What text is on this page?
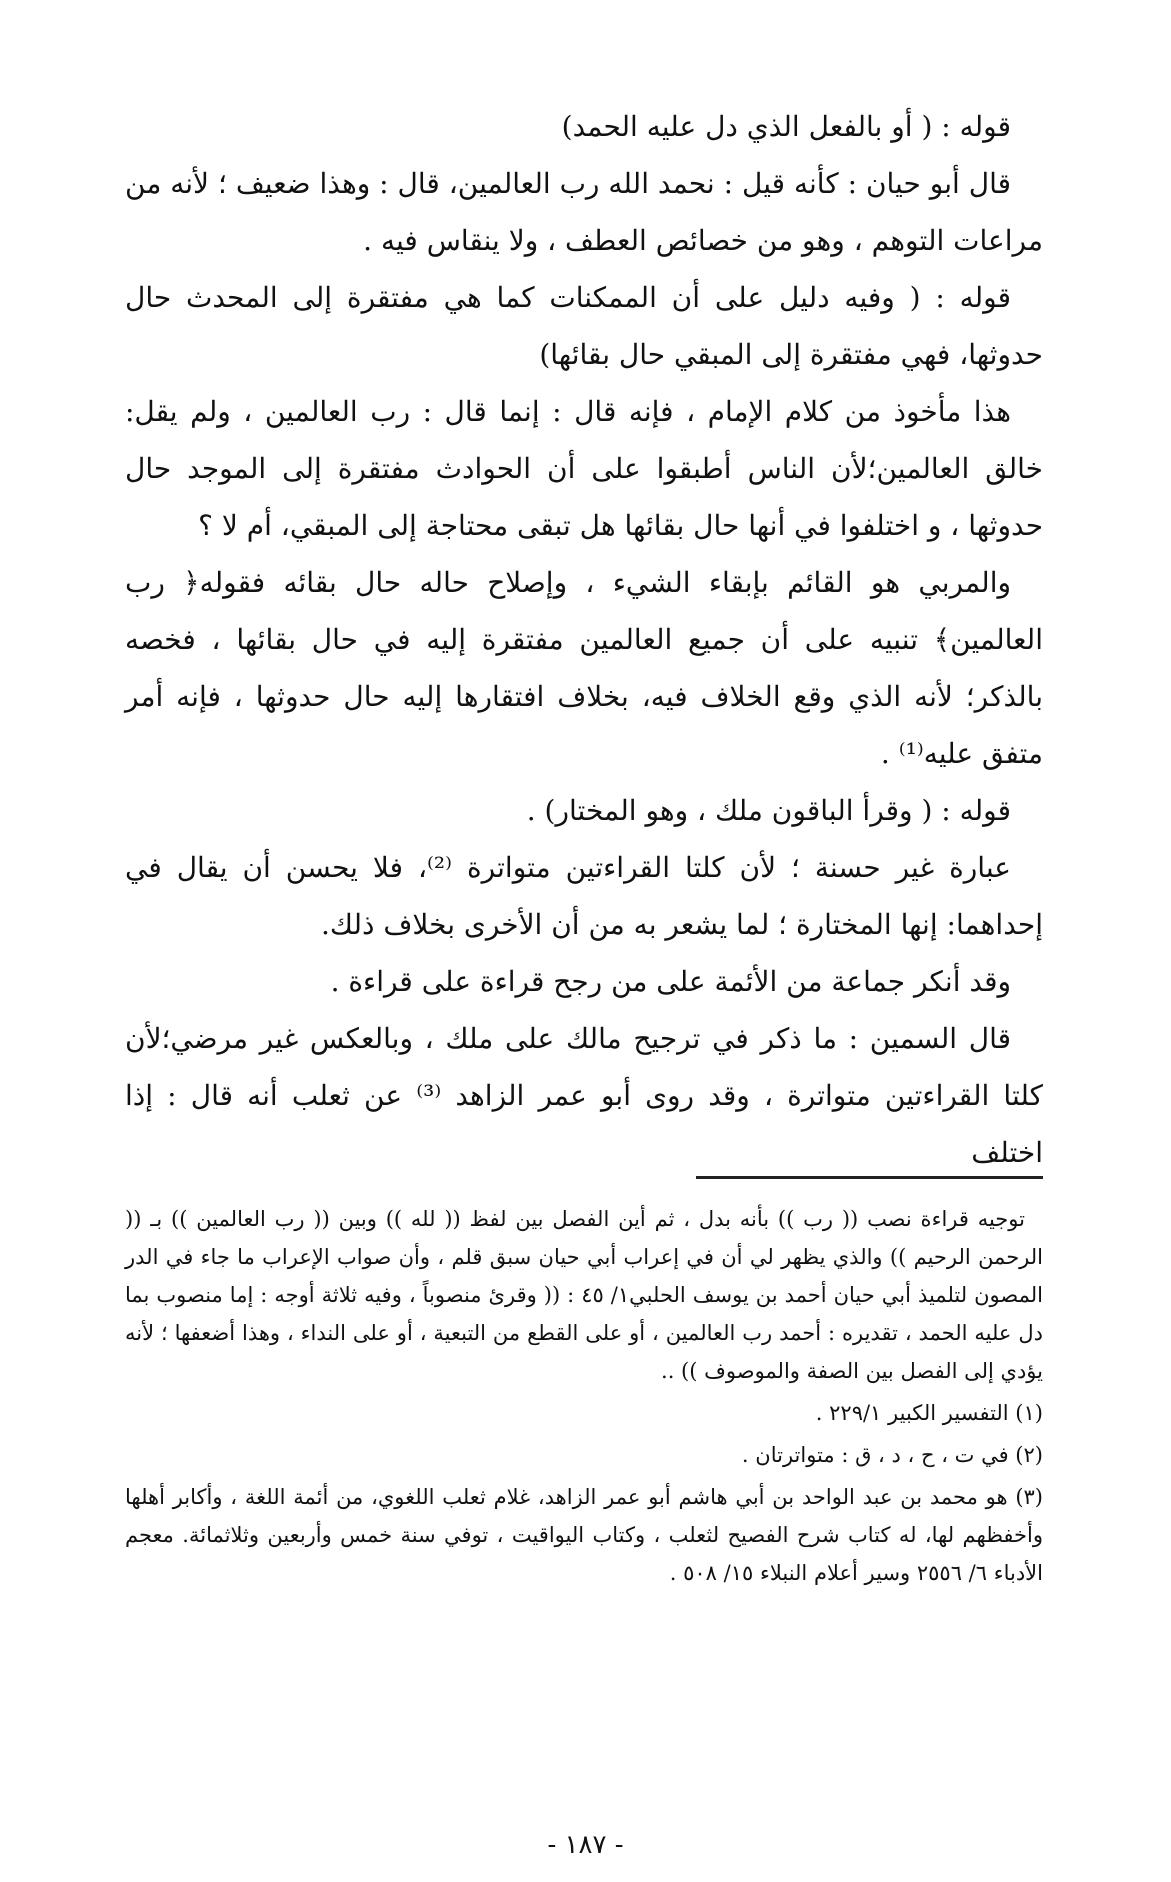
قوله : ( أو بالفعل الذي دل عليه الحمد)

قال أبو حيان : كأنه قيل : نحمد الله رب العالمين، قال : وهذا ضعيف ؛ لأنه من مراعات التوهم ، وهو من خصائص العطف ، ولا ينقاس فيه .

قوله : ( وفيه دليل على أن الممكنات كما هي مفتقرة إلى المحدث حال حدوثها، فهي مفتقرة إلى المبقي حال بقائها)

هذا مأخوذ من كلام الإمام ، فإنه قال : إنما قال : رب العالمين ، ولم يقل: خالق العالمين؛لأن الناس أطبقوا على أن الحوادث مفتقرة إلى الموجد حال حدوثها ، و اختلفوا في أنها حال بقائها هل تبقى محتاجة إلى المبقي، أم لا ؟

والمربي هو القائم بإبقاء الشيء ، وإصلاح حاله حال بقائه فقوله﴿ رب العالمين﴾ تنبيه على أن جميع العالمين مفتقرة إليه في حال بقائها ، فخصه بالذكر؛ لأنه الذي وقع الخلاف فيه، بخلاف افتقارها إليه حال حدوثها ، فإنه أمر متفق عليه⁽¹⁾ .

قوله : ( وقرأ الباقون ملك ، وهو المختار) .

عبارة غير حسنة ؛ لأن كلتا القراءتين متواترة ⁽²⁾، فلا يحسن أن يقال في إحداهما: إنها المختارة ؛ لما يشعر به من أن الأخرى بخلاف ذلك.

وقد أنكر جماعة من الأئمة على من رجح قراءة على قراءة .

قال السمين : ما ذكر في ترجيح مالك على ملك ، وبالعكس غير مرضي؛لأن كلتا القراءتين متواترة ، وقد روى أبو عمر الزاهد ⁽³⁾ عن ثعلب أنه قال : إذا اختلف

توجيه قراءة نصب (( رب )) بأنه بدل ، ثم أين الفصل بين لفظ (( لله )) وبين (( رب العالمين )) بـ (( الرحمن الرحيم )) والذي يظهر لي أن في إعراب أبي حيان سبق قلم ، وأن صواب الإعراب ما جاء في الدر المصون لتلميذ أبي حيان أحمد بن يوسف الحلبي١/ ٤٥ : (( وقرئ منصوباً ، وفيه ثلاثة أوجه : إما منصوب بما دل عليه الحمد ، تقديره : أحمد رب العالمين ، أو على القطع من التبعية ، أو على النداء ، وهذا أضعفها ؛ لأنه يؤدي إلى الفصل بين الصفة والموصوف )) ..

(١) التفسير الكبير ٢٢٩/١ .

(٢) في ت ، ح ، د ، ق : متواترتان .

(٣) هو محمد بن عبد الواحد بن أبي هاشم أبو عمر الزاهد، غلام ثعلب اللغوي، من أئمة اللغة ، وأكابر أهلها وأخفظهم لها، له كتاب شرح الفصيح لثعلب ، وكتاب اليواقيت ، توفي سنة خمس وأربعين وثلاثمائة. معجم الأدباء ٦/ ٢٥٥٦ وسير أعلام النبلاء ١٥/ ٥٠٨ .

- ١٨٧ -
